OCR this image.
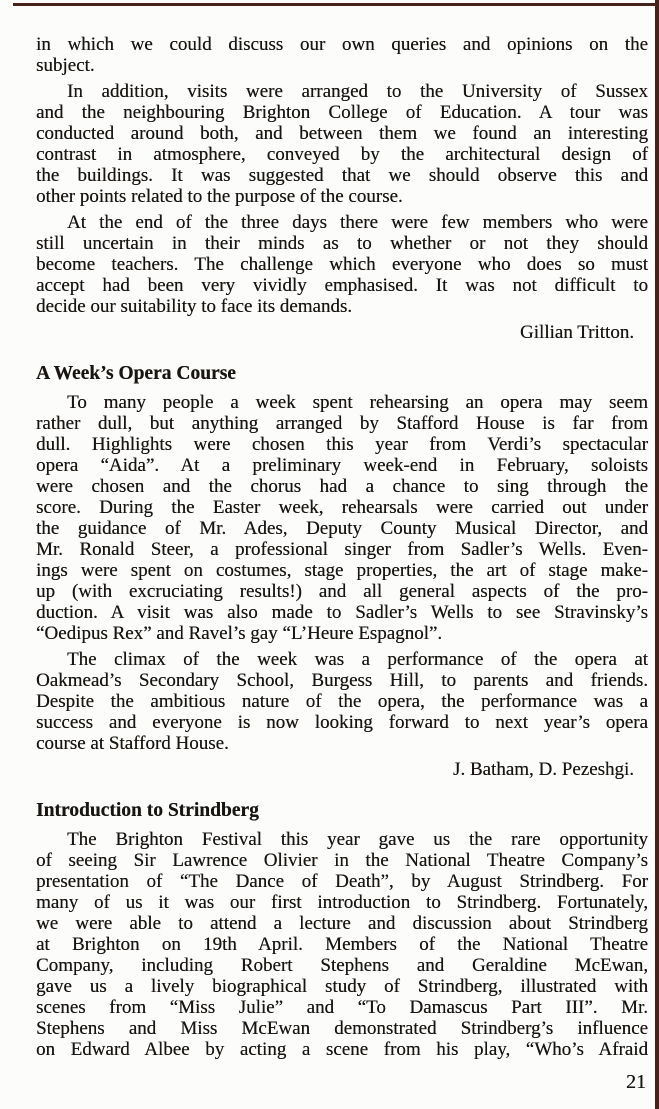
in which we could discuss our own queries and opinions on the
subject.

In addition, visits were arranged to the University of Sussex
and the neighbouring Brighton College of Education. A tour was
conducted around both, and between them we found an interesting
contrast in atmosphere, conveyed by the architectural design of
the buildings. It was suggested that we should observe this and
other points related to the purpose of the course.

At the end of the three days there were few members who were
still uncertain in their minds as to whether or not they should
become teachers. The challenge which everyone who does so must
accept had been very vividly emphasised. It was not difficult to
decide our suitability to face its demands.

Gillian Tritton.
A Week’s Opera Course

To many people a week spent rehearsing an opera may seem
rather dull, but anything arranged by Stafford House is far from
dull. Highlights were chosen this year from Verdi’s spectacular
opera “Aida”. At a preliminary week-end in February, soloists
were chosen and the chorus had a chance to sing through the
score. During the Easter week, rehearsals were carried out under
the guidance of Mr. Ades, Deputy County Musical Director, and
Mr. Ronald Steer, a professional singer from Sadler’s Wells. Even-
ings were spent on costumes, stage properties, the art of stage make-
up (with excruciating results!) and all general aspects of the pro-
duction. A visit was also made to Sadler’s Wells to see Stravinsky’s
“Oedipus Rex” and Ravel’s gay “L’Heure Espagnol”.

The climax of the week was a performance of the opera at
Oakmead’s Secondary School, Burgess Hill, to parents and friends.
Despite the ambitious nature of the opera, the performance was a
success and everyone is now looking forward to next year’s opera
course at Stafford House.

J. Batham, D. Pezeshgi.
Introduction to Strindberg

The Brighton Festival this year gave us the rare opportunity
of seeing Sir Lawrence Olivier in the National Theatre Company’s
presentation of “The Dance of Death”, by August Strindberg. For
many of us it was our first introduction to Strindberg. Fortunately,
we were able to attend a lecture and discussion about Strindberg
at Brighton on 19th April. Members of the National Theatre
Company, including Robert Stephens and Geraldine McEwan,
gave us a lively biographical study of Strindberg, illustrated with
scenes from “Miss Julie” and “To Damascus Part III”. Mr.
Stephens and Miss McEwan demonstrated Strindberg’s influence
on Edward Albee by acting a scene from his play, “Who’s Afraid

21
